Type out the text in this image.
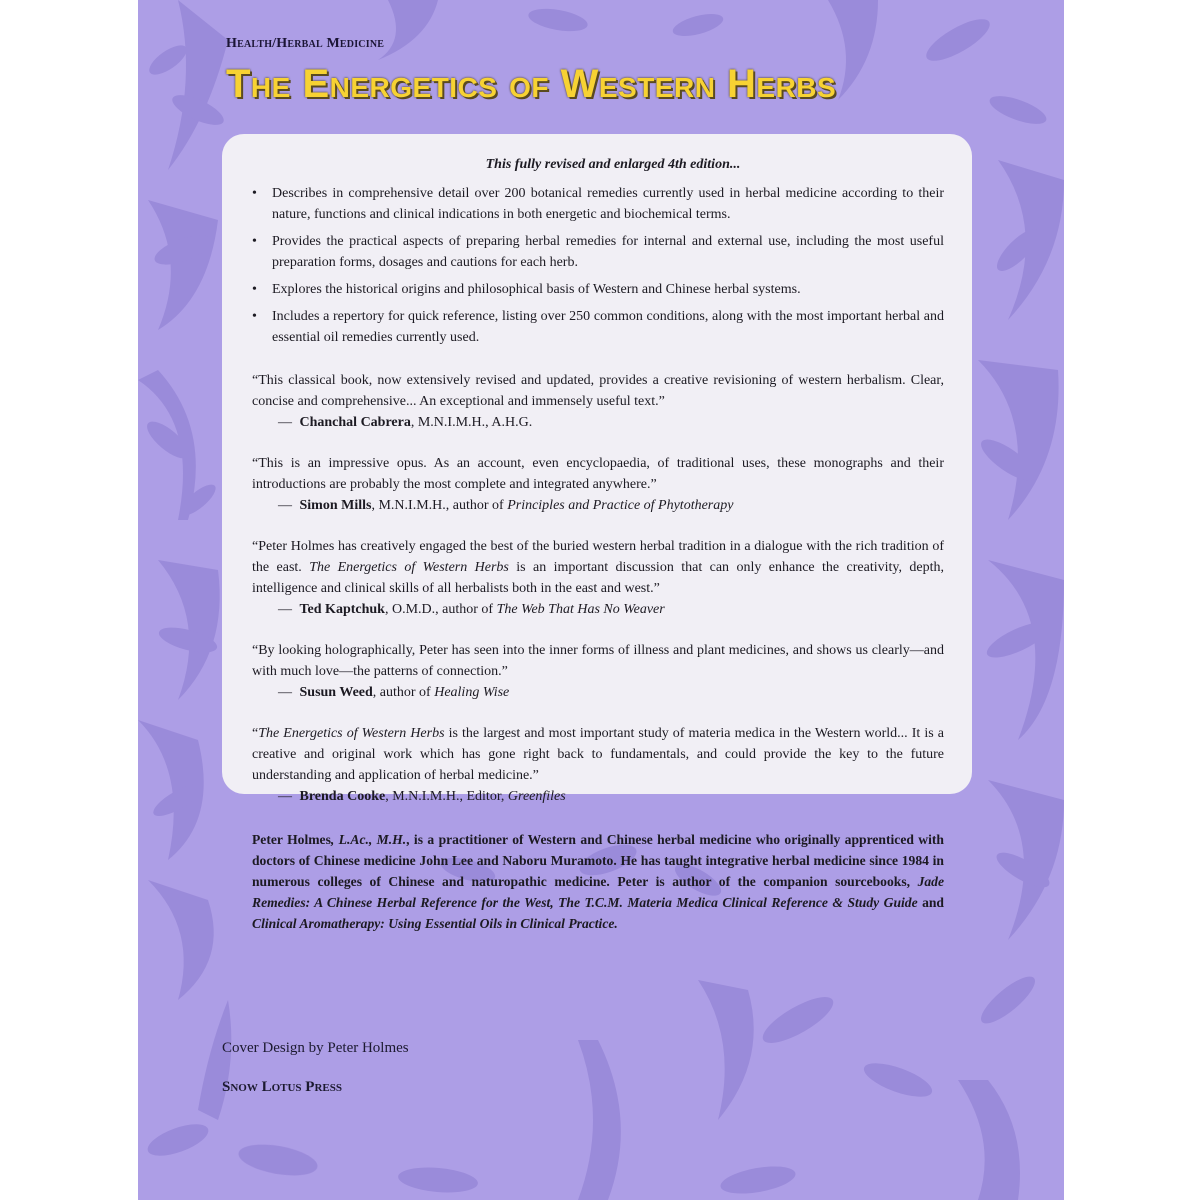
Health/Herbal Medicine
The Energetics of Western Herbs
This fully revised and enlarged 4th edition...
• Describes in comprehensive detail over 200 botanical remedies currently used in herbal medicine according to their nature, functions and clinical indications in both energetic and biochemical terms.
• Provides the practical aspects of preparing herbal remedies for internal and external use, including the most useful preparation forms, dosages and cautions for each herb.
• Explores the historical origins and philosophical basis of Western and Chinese herbal systems.
• Includes a repertory for quick reference, listing over 250 common conditions, along with the most important herbal and essential oil remedies currently used.
“This classical book, now extensively revised and updated, provides a creative revisioning of western herbalism. Clear, concise and comprehensive... An exceptional and immensely useful text.”
— Chanchal Cabrera, M.N.I.M.H., A.H.G.
“This is an impressive opus. As an account, even encyclopaedia, of traditional uses, these monographs and their introductions are probably the most complete and integrated anywhere.”
— Simon Mills, M.N.I.M.H., author of Principles and Practice of Phytotherapy
“Peter Holmes has creatively engaged the best of the buried western herbal tradition in a dialogue with the rich tradition of the east. The Energetics of Western Herbs is an important discussion that can only enhance the creativity, depth, intelligence and clinical skills of all herbalists both in the east and west.”
— Ted Kaptchuk, O.M.D., author of The Web That Has No Weaver
“By looking holographically, Peter has seen into the inner forms of illness and plant medicines, and shows us clearly—and with much love—the patterns of connection.”
— Susun Weed, author of Healing Wise
“The Energetics of Western Herbs is the largest and most important study of materia medica in the Western world... It is a creative and original work which has gone right back to fundamentals, and could provide the key to the future understanding and application of herbal medicine.”
— Brenda Cooke, M.N.I.M.H., Editor, Greenfiles
Peter Holmes, L.Ac., M.H., is a practitioner of Western and Chinese herbal medicine who originally apprenticed with doctors of Chinese medicine John Lee and Naboru Muramoto. He has taught integrative herbal medicine since 1984 in numerous colleges of Chinese and naturopathic medicine. Peter is author of the companion sourcebooks, Jade Remedies: A Chinese Herbal Reference for the West, The T.C.M. Materia Medica Clinical Reference & Study Guide and Clinical Aromatherapy: Using Essential Oils in Clinical Practice.
Cover Design by Peter Holmes
Snow Lotus Press
